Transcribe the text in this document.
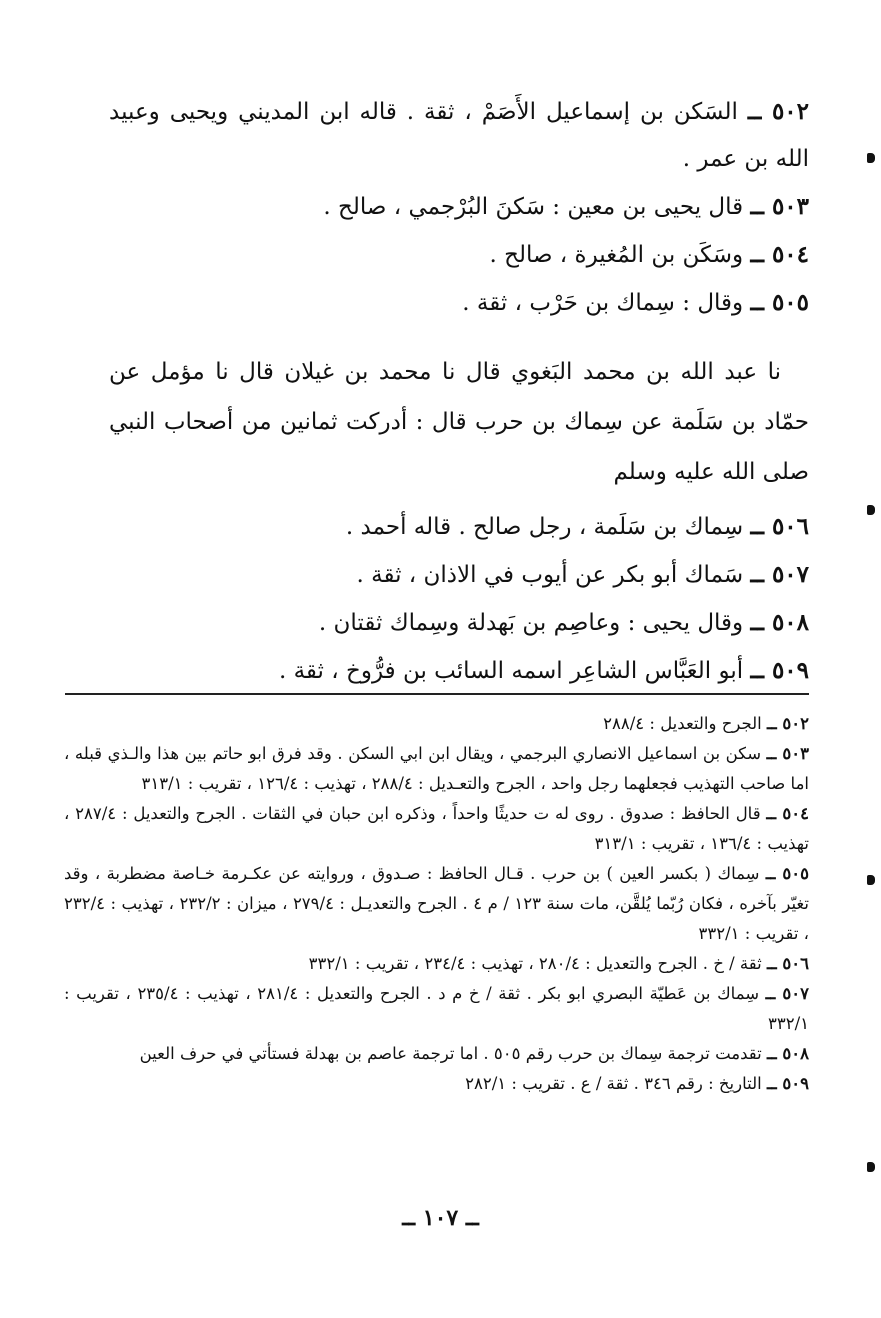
٥٠٢ ــ السَكن بن إسماعيل الأَصَمْ ، ثقة . قاله ابن المديني ويحيى وعبيد الله بن عمر .
٥٠٣ ــ قال يحيى بن معين : سَكنَ البُرْجمي ، صالح .
٥٠٤ ــ وسَكَن بن المُغيرة ، صالح .
٥٠٥ ــ وقال : سِماك بن حَرْب ، ثقة .
نا عبد الله بن محمد البَغوي قال نا محمد بن غيلان قال نا مؤمل عن حمّاد بن سَلَمة عن سِماك بن حرب قال : أدركت ثمانين من أصحاب النبي صلى الله عليه وسلم
٥٠٦ ــ سِماك بن سَلَمة ، رجل صالح . قاله أحمد .
٥٠٧ ــ سَماك أبو بكر عن أيوب في الاذان ، ثقة .
٥٠٨ ــ وقال يحيى : وعاصِم بن بَهدلة وسِماك ثقتان .
٥٠٩ ــ أبو العَبَّاس الشاعِر اسمه السائب بن فرُّوخ ، ثقة .
٥٠٢ ــ الجرح والتعديل : ٢٨٨/٤
٥٠٣ ــ سكن بن اسماعيل الانصاري البرجمي ، ويقال ابن ابي السكن . وقد فرق ابو حاتم بين هذا والـذي قبله ، اما صاحب التهذيب فجعلهما رجل واحد ، الجرح والتعـديل : ٢٨٨/٤ ، تهذيب : ١٢٦/٤ ، تقريب : ٣١٣/١
٥٠٤ ــ قال الحافظ : صدوق . روى له ت حديثًا واحداً ، وذكره ابن حبان في الثقات . الجرح والتعديل : ٢٨٧/٤ ، تهذيب : ١٣٦/٤ ، تقريب : ٣١٣/١
٥٠٥ ــ سِماك ( بكسر العين ) بن حرب . قـال الحافظ : صـدوق ، وروايته عن عكـرمة خـاصة مضطربة ، وقد تغيّر بآخره ، فكان رُبّما يُلقَّن، مات سنة ١٢٣ / م ٤ . الجرح والتعديـل : ٢٧٩/٤ ، ميزان : ٢٣٢/٢ ، تهذيب : ٢٣٢/٤ ، تقريب : ٣٣٢/١
٥٠٦ ــ ثقة / خ . الجرح والتعديل : ٢٨٠/٤ ، تهذيب : ٢٣٤/٤ ، تقريب : ٣٣٢/١
٥٠٧ ــ سِماك بن عَطيّة البصري ابو بكر . ثقة / خ م د . الجرح والتعديل : ٢٨١/٤ ، تهذيب : ٢٣٥/٤ ، تقريب : ٣٣٢/١
٥٠٨ ــ تقدمت ترجمة سِماك بن حرب رقم ٥٠٥ . اما ترجمة عاصم بن بهدلة فستأتي في حرف العين
٥٠٩ ــ التاريخ : رقم ٣٤٦ . ثقة / ع . تقريب : ٢٨٢/١
ــ ١٠٧ ــ
